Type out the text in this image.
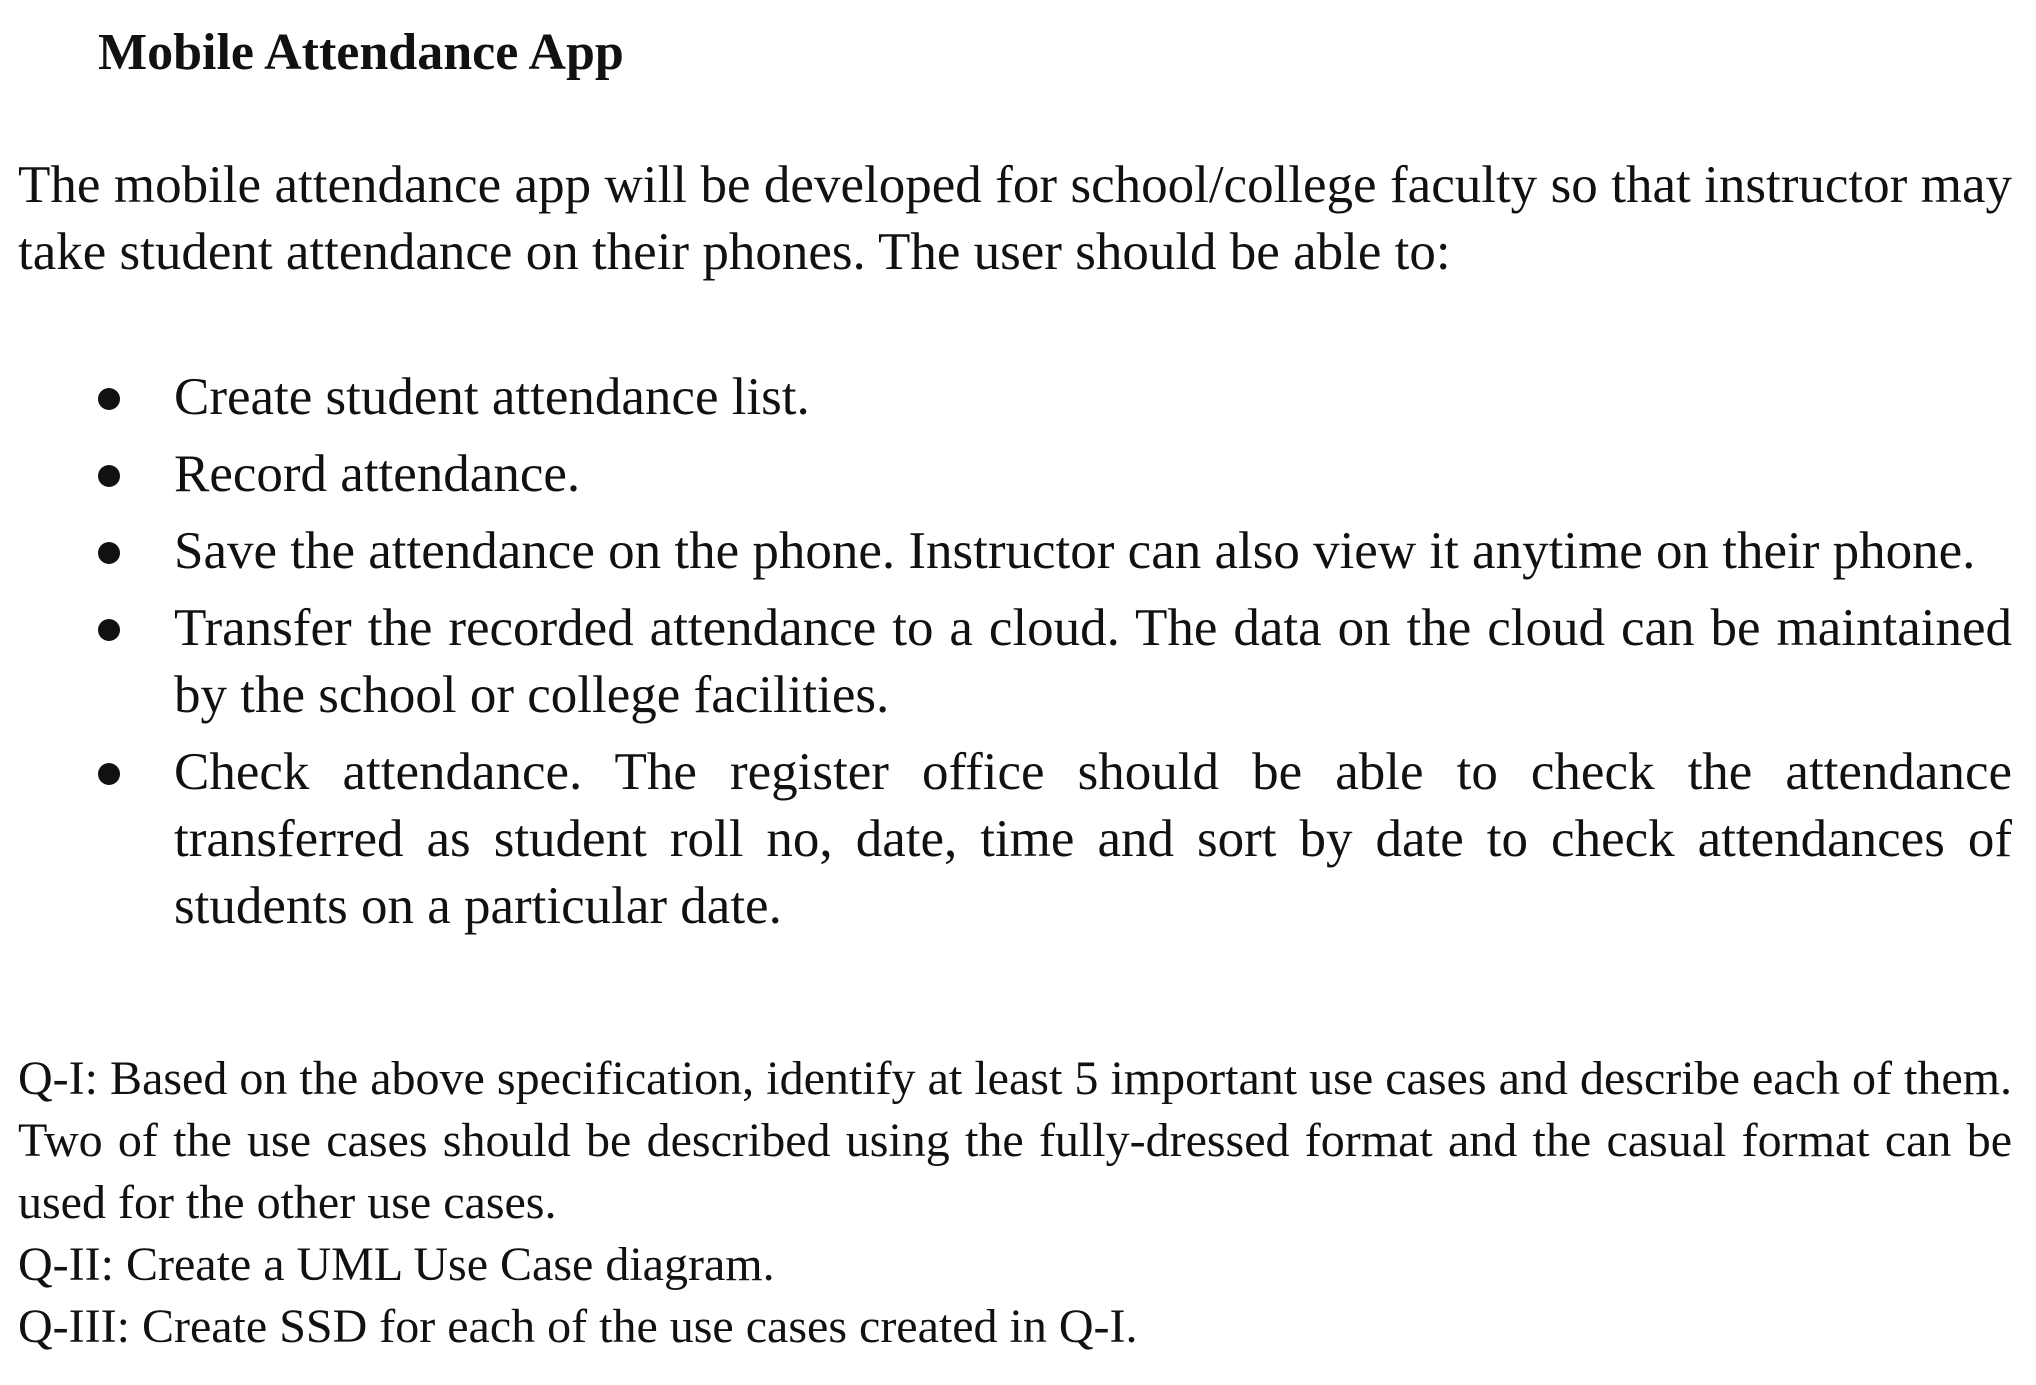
Mobile Attendance App
The mobile attendance app will be developed for school/college faculty so that instructor may take student attendance on their phones. The user should be able to:
Create student attendance list.
Record attendance.
Save the attendance on the phone. Instructor can also view it anytime on their phone.
Transfer the recorded attendance to a cloud. The data on the cloud can be maintained by the school or college facilities.
Check attendance. The register office should be able to check the attendance transferred as student roll no, date, time and sort by date to check attendances of students on a particular date.

Q-I: Based on the above specification, identify at least 5 important use cases and describe each of them. Two of the use cases should be described using the fully-dressed format and the casual format can be used for the other use cases.

Q-II: Create a UML Use Case diagram.

Q-III: Create SSD for each of the use cases created in Q-I.
